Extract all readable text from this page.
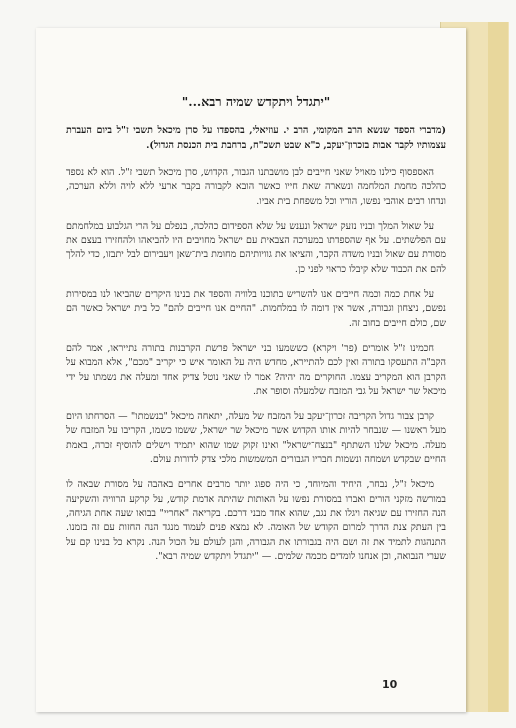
"יתגדל ויתקדש שמיה רבא..."
(מדברי הספד שנשא הרב המקומי, הרב י. עוזיאלי, בהספדו על סרן מיכאל תשבי ז"ל ביום העברת עצמותיו לקבר אבות בזכרון־יעקב, כ"א שבט תשכ"ח, ברחבת בית הכנסת הגדול).

האספסוף כילנו מאויל שאני חייבים לבן מושבתנו הגבור, הקדוש, סרן מיכאל תשבי ז"ל. הוא לא נספד כהלכה מחמת המלחמה ונשארה שאת חייו כאשר הובא לקבורה בקבר ארעי ללא לויה וללא הערכה, ונדחו רבים אוהבי נפשו, הוריו וכל משפחת בית אביו.

על שאול המלך ובניו נזעק ישראל ונענש על שלא הספידום כהלכה, בנפלם על הרי הגלבוע במלחמתם עם הפלשתים. על אף שהספדתו במערכה הצבאית עם ישראל מחויבים היו להביאהו ולהחזירו בעצם את מסורת עם שאול ובניו משדה הקבר, והציאו את גוויותיהם מחומת בית־שאן ויעבירום לבל יתבזו, כדי להלך להם את הכבוד שלא קיבלו כראוי לפני כן.

על אחת כמה וכמה חייבים אנו להשריש בתוכנו בלוויה והספד את בנינו היקרים שהביאו לנו במסירות נפשם, ניצחון וגבורה, אשר אין דומה לו במלחמות. "החיים אנו חייבים להם" כל בית ישראל כאשר הם שם, כולם חייבים בחוב זה.

חכמינו ז"ל אומרים (פר' ויקרא) כששמעו בני ישראל פרשת הקרבנות בתורה נתייראו, אמר להם הקב"ה התעסקו בתורה ואין לכם להתיירא, מחדש היה על האומר איש כי יקריב "מכם", אלא המבוא על הקרבן הוא המקריב עצמו. החוקרים מה יהיה? אמר לו שאני נוטל צדיק אחד ומעלה את נשמתו על ידי מיכאל שר ישראל על גבי המזבח שלמעלה וסופר את.

קרבן צבור גדול הקריבה זכרון־יעקב על המזבח של מעלה, יתאחה מיכאל "בנשמתו" — הסרחתו היום מעל ראשנו — שנבחר להיות אותו הקדוש אשר מיכאל שר ישראל, ששמו כשמו, הקריבו על המזבח של מעלה. מיכאל שלנו השתתף "בנצח־ישראל" ואינו זקוק שמו שהוא יתמיד וישלים להוסיף זכרה, באמת החיים שבקדש ושמחה ונשמות חבריו הגבורים המשמשות מלכי צדק לדורות עולם.

מיכאל ז"ל, נבחר, היחיד והמיוחד, כי היה ספוג יותר מרבים אחרים באהבה על מסורת שבאה לו במורשה מזקני הורים ואברו במסורת נפשו על האותות שהיתה אדמת קודש, על קרקע הרוויה והשקיעה הנה החזירו עם שגיאה ויגלו את נגב, שהוא אחד מבני דרכם. בקריאה "אחריי" בבואו שעה אחת הגיחה, בין העתק צנת הדרך למרום הקודש של האומה. לא נמצא פנים לעמוד מנגד הנה החזות עם זה בזמנו. התנהגות לתמיד את זה ושם היה בגבורתו את הגבורה, והגן לעולם על הכול הנה. נקרא כל בנינו קם על שערי הנבואה, וכן אנחנו לומדים מכמה שלמים. — "יתגדל ויתקדש שמיה רבא".

10
